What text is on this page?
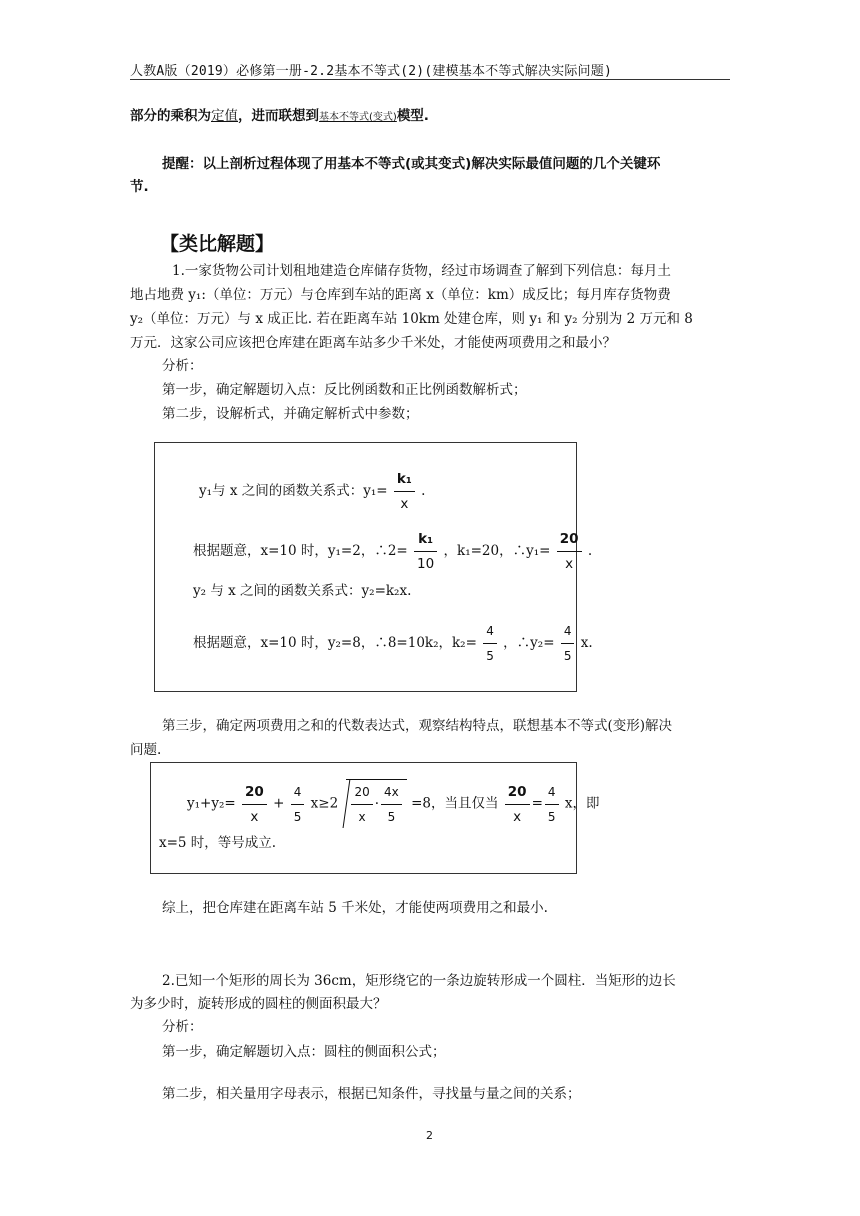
人教A版（2019）必修第一册-2.2基本不等式(2)(建模基本不等式解决实际问题)
部分的乘积为定值，进而联想到基本不等式(变式)模型.
提醒：以上剖析过程体现了用基本不等式(或其变式)解决实际最值问题的几个关键环
节.
【类比解题】
1.一家货物公司计划租地建造仓库储存货物，经过市场调查了解到下列信息：每月土
地占地费 y₁:（单位：万元）与仓库到车站的距离 x（单位：km）成反比；每月库存货物费
y₂（单位：万元）与 x 成正比. 若在距离车站 10km 处建仓库，则 y₁ 和 y₂ 分别为 2 万元和 8
万元．这家公司应该把仓库建在距离车站多少千米处，才能使两项费用之和最小？
分析：
第一步，确定解题切入点：反比例函数和正比例函数解析式；
第二步，设解析式，并确定解析式中参数；
y₁与 x 之间的函数关系式：$y_1= \frac{\text{k₁}}{x}$ .
根据题意，x=10 时，y₁=2，∴2= $\frac{\text{k₁}}{10}$ ，k₁=20，∴y₁= $\frac{20}{x}$ .
y₂ 与 x 之间的函数关系式：y₂=k₂x.
根据题意，x=10 时，y₂=8，∴8=10k₂，$k_2= \frac{4}{5}$ ，∴y₂= $\frac{4}{5} x$.
第三步，确定两项费用之和的代数表达式，观察结构特点，联想基本不等式(变形)解决
问题.
$y_1+y_2= \frac{20}{x} + \frac{4}{5} x\ge 2 \frac{20}{x} \cdot \frac{4x}{5} =8$，当且仅当 $\frac{20}{x} = \frac{4}{5}$ x，即
x=5 时，等号成立.
综上，把仓库建在距离车站 5 千米处，才能使两项费用之和最小.
2.已知一个矩形的周长为 36cm，矩形绕它的一条边旋转形成一个圆柱．当矩形的边长
为多少时，旋转形成的圆柱的侧面积最大？
分析：
第一步，确定解题切入点：圆柱的侧面积公式；
第二步，相关量用字母表示，根据已知条件，寻找量与量之间的关系；
2
